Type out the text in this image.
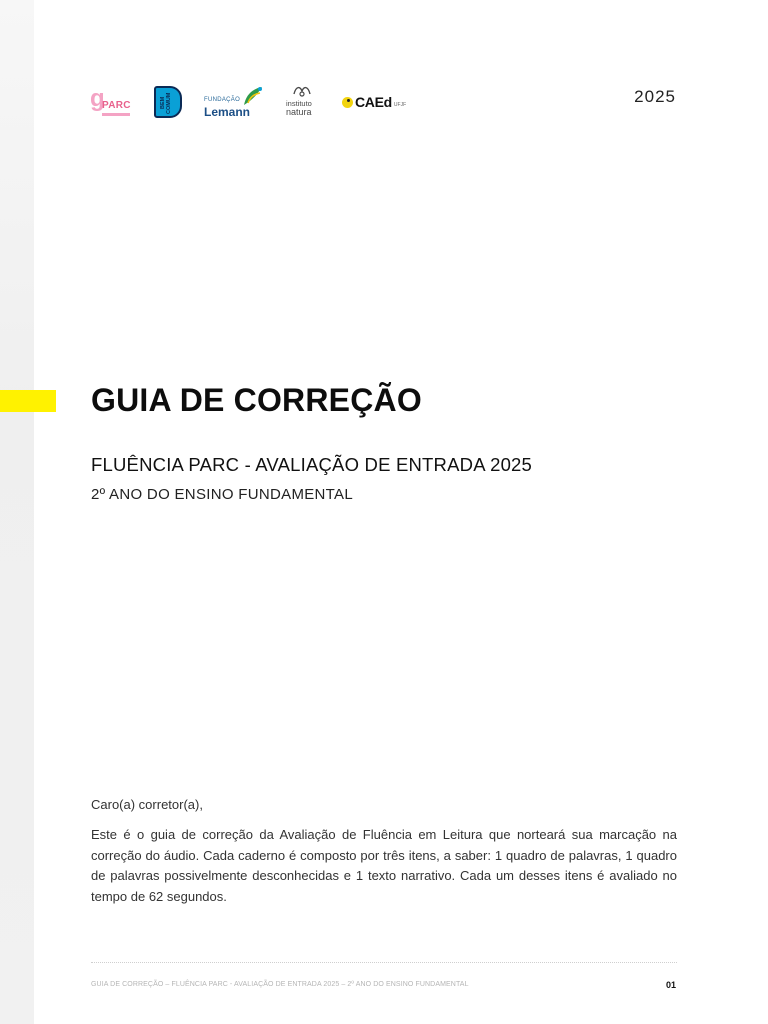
g
PARC	BEM COMUM	FUNDAÇÃO
Lemann
instituto
natura
CAEd UFJF	2025
GUIA DE CORREÇÃO
FLUÊNCIA PARC - AVALIAÇÃO DE ENTRADA 2025
2º ANO DO ENSINO FUNDAMENTAL

Caro(a) corretor(a),

Este é o guia de correção da Avaliação de Fluência em Leitura que norteará sua marcação na correção do áudio. Cada caderno é composto por três itens, a saber: 1 quadro de palavras, 1 quadro de palavras possivelmente desconhecidas e 1 texto narrativo. Cada um desses itens é avaliado no tempo de 62 segundos.

GUIA DE CORREÇÃO – FLUÊNCIA PARC - AVALIAÇÃO DE ENTRADA 2025 – 2º ANO DO ENSINO FUNDAMENTAL	01
